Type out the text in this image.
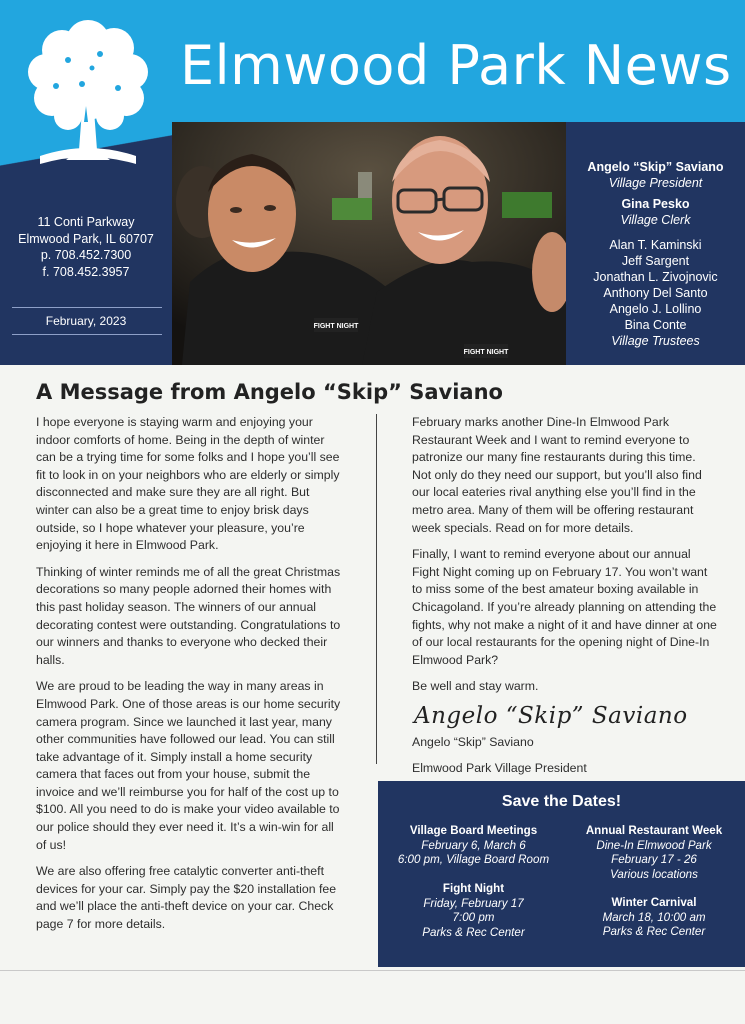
Elmwood Park News
11 Conti Parkway
Elmwood Park, IL 60707
p. 708.452.7300
f. 708.452.3957
February, 2023	FIGHT NIGHT
FIGHT NIGHT
Angelo “Skip” Saviano
Village President
Gina Pesko
Village Clerk
Alan T. Kaminski
Jeff Sargent
Jonathan L. Zivojnovic
Anthony Del Santo
Angelo J. Lollino
Bina Conte
Village Trustees
A Message from Angelo “Skip” Saviano

I hope everyone is staying warm and enjoying your indoor comforts of home. Being in the depth of winter can be a trying time for some folks and I hope you’ll see fit to look in on your neighbors who are elderly or simply disconnected and make sure they are all right. But winter can also be a great time to enjoy brisk days outside, so I hope whatever your pleasure, you’re enjoying it here in Elmwood Park.

Thinking of winter reminds me of all the great Christmas decorations so many people adorned their homes with this past holiday season. The winners of our annual decorating contest were outstanding. Congratulations to our winners and thanks to everyone who decked their halls.

We are proud to be leading the way in many areas in Elmwood Park. One of those areas is our home security camera program. Since we launched it last year, many other communities have followed our lead. You can still take advantage of it. Simply install a home security camera that faces out from your house, submit the invoice and we’ll reimburse you for half of the cost up to $100. All you need to do is make your video available to our police should they ever need it. It’s a win-win for all of us!

We are also offering free catalytic converter anti-theft devices for your car. Simply pay the $20 installation fee and we’ll place the anti-theft device on your car. Check page 7 for more details.

February marks another Dine-In Elmwood Park Restaurant Week and I want to remind everyone to patronize our many fine restaurants during this time. Not only do they need our support, but you’ll also find our local eateries rival anything else you’ll find in the metro area. Many of them will be offering restaurant week specials. Read on for more details.

Finally, I want to remind everyone about our annual Fight Night coming up on February 17. You won’t want to miss some of the best amateur boxing available in Chicagoland. If you’re already planning on attending the fights, why not make a night of it and have dinner at one of our local restaurants for the opening night of Dine-In Elmwood Park?

Be well and stay warm.

Angelo “Skip” Saviano

Angelo “Skip” Saviano

Elmwood Park Village President

Save the Dates!
Village Board Meetings
February 6, March 6
6:00 pm, Village Board Room
Annual Restaurant Week
Dine-In Elmwood Park
February 17 - 26
Various locations
Fight Night
Friday, February 17
7:00 pm
Parks & Rec Center
Winter Carnival
March 18, 10:00 am
Parks & Rec Center
